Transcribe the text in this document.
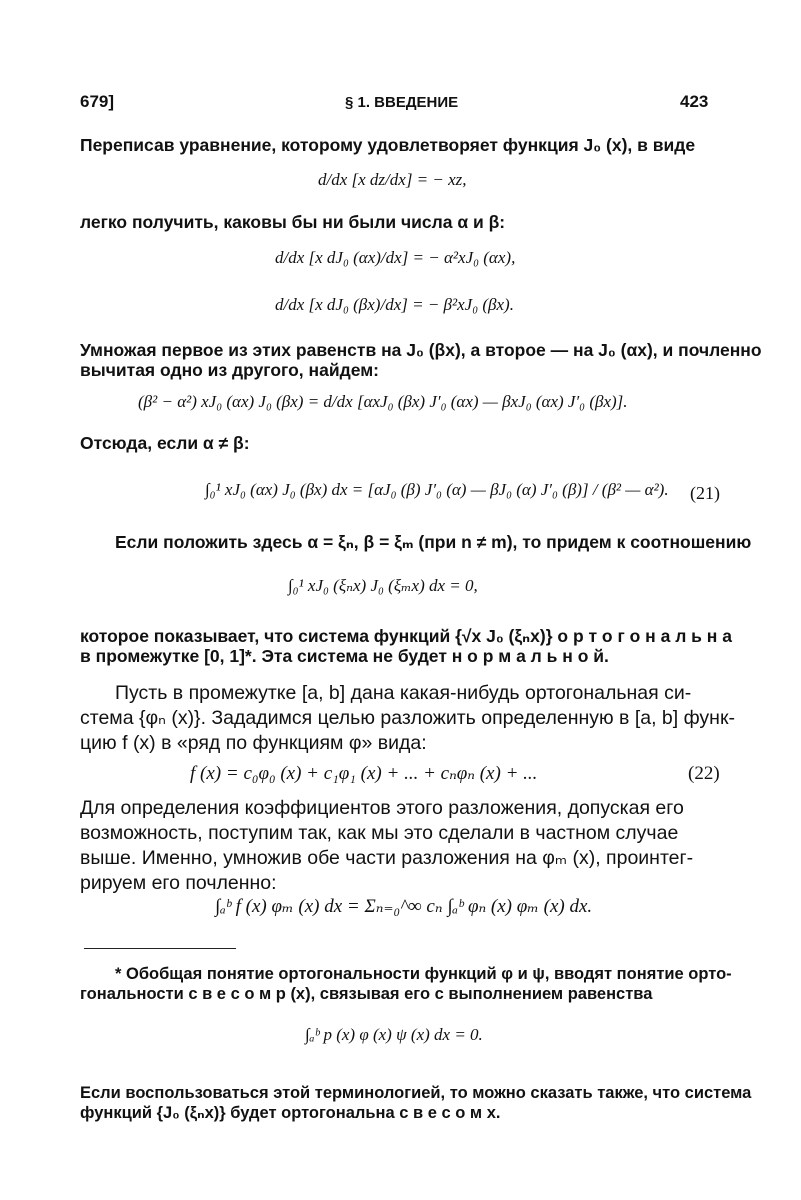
679]	§ 1. ВВЕДЕНИЕ	423
Переписав уравнение, которому удовлетворяет функция J₀ (x), в виде
d/dx [x dz/dx] = − xz,
легко получить, каковы бы ни были числа α и β:
d/dx [x dJ₀ (αx)/dx] = − α²xJ₀ (αx),
d/dx [x dJ₀ (βx)/dx] = − β²xJ₀ (βx).
Умножая первое из этих равенств на J₀ (βx), а второе — на J₀ (αx), и почленно
вычитая одно из другого, найдем:
(β² − α²) xJ₀ (αx) J₀ (βx) = d/dx [αxJ₀ (βx) J′₀ (αx) — βxJ₀ (αx) J′₀ (βx)].
Отсюда, если α ≠ β:
∫₀¹ xJ₀ (αx) J₀ (βx) dx = [αJ₀ (β) J′₀ (α) — βJ₀ (α) J′₀ (β)] / (β² — α²). (21)
Если положить здесь α = ξₙ, β = ξₘ (при n ≠ m), то придем к соотношению
∫₀¹ xJ₀ (ξₙx) J₀ (ξₘx) dx = 0,
которое показывает, что система функций {√x J₀ (ξₙx)} о р т о г о н а л ь н а
в промежутке [0, 1]*. Эта система не будет н о р м а л ь н о й.
Пусть в промежутке [a, b] дана какая-нибудь ортогональная си-
стема {φₙ (x)}. Зададимся целью разложить определенную в [a, b] функ-
цию f (x) в «ряд по функциям φ» вида:
f (x) = c₀φ₀ (x) + c₁φ₁ (x) + ... + cₙφₙ (x) + ...	(22)
Для определения коэффициентов этого разложения, допуская его
возможность, поступим так, как мы это сделали в частном случае
выше. Именно, умножив обе части разложения на φₘ (x), проинтег-
рируем его почленно:
∫ₐᵇ f (x) φₘ (x) dx = Σₙ₌₀^∞ cₙ ∫ₐᵇ φₙ (x) φₘ (x) dx.
* Обобщая понятие ортогональности функций φ и ψ, вводят понятие орто-
гональности с в е с о м p (x), связывая его с выполнением равенства
∫ₐᵇ p (x) φ (x) ψ (x) dx = 0.
Если воспользоваться этой терминологией, то можно сказать также, что система
функций {J₀ (ξₙx)} будет ортогональна с в е с о м x.
